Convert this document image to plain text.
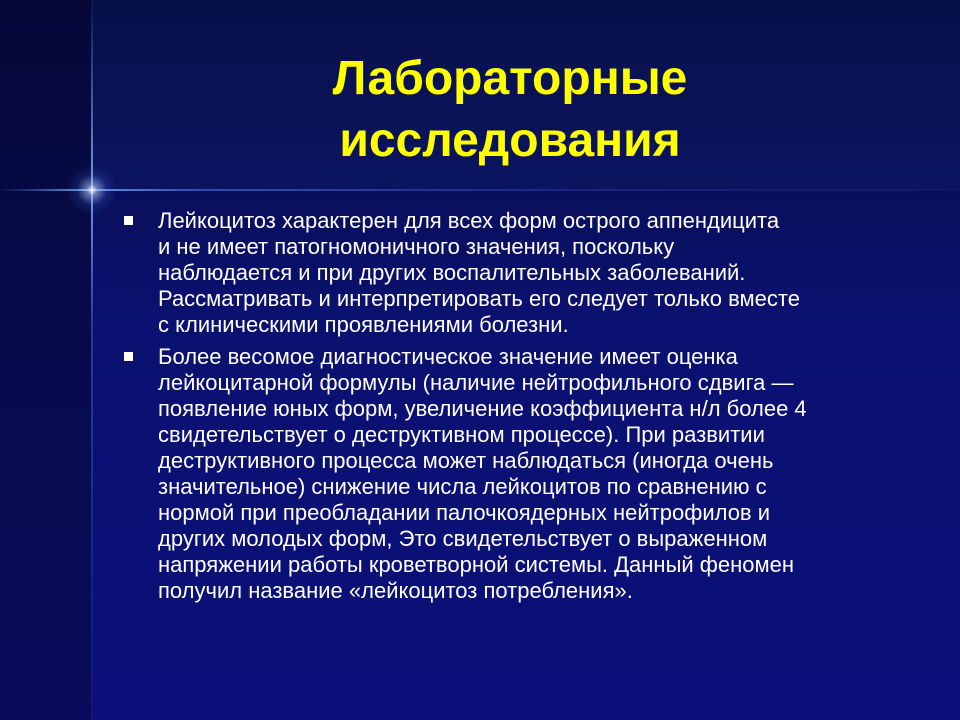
Лабораторные
исследования
Лейкоцитоз характерен для всех форм острого аппендицита
и не имеет патогномоничного значения, поскольку
наблюдается и при других воспалительных заболеваний.
Рассматривать и интерпретировать его следует только вместе
с клиническими проявлениями болезни.
Более весомое диагностическое значение имеет оценка
лейкоцитарной формулы (наличие нейтрофильного сдвига —
появление юных форм, увеличение коэффициента н/л более 4
свидетельствует о деструктивном процессе). При развитии
деструктивного процесса может наблюдаться (иногда очень
значительное) снижение числа лейкоцитов по сравнению с
нормой при преобладании палочкоядерных нейтрофилов и
других молодых форм, Это свидетельствует о выраженном
напряжении работы кроветворной системы. Данный феномен
получил название «лейкоцитоз потребления».
